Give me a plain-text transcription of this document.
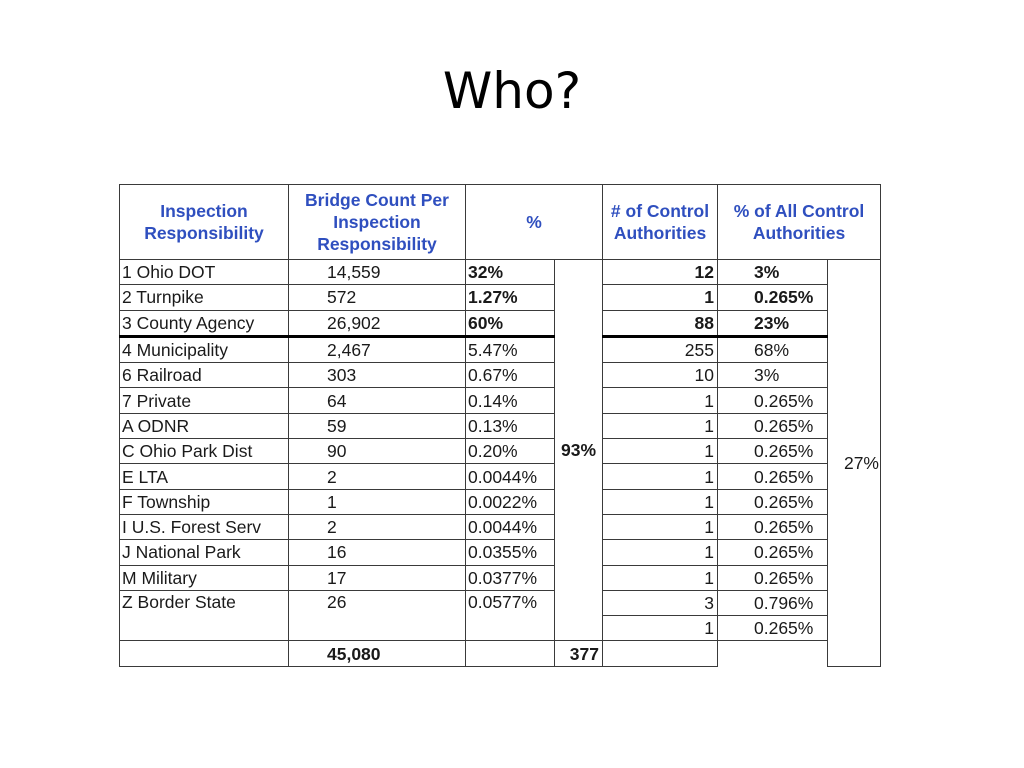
Who?
Inspection Responsibility	Bridge Count Per Inspection Responsibility	%		# of Control Authorities	% of All Control Authorities	
1 Ohio DOT	14,559	32%	93%	12	3%	27%
2 Turnpike	572	1.27%		1	0.265%	
3 County Agency	26,902	60%		88	23%	
4 Municipality	2,467	5.47%		255	68%	
6 Railroad	303	0.67%		10	3%	
7 Private	64	0.14%		1	0.265%	
A ODNR	59	0.13%		1	0.265%	
C Ohio Park Dist	90	0.20%		1	0.265%	
E LTA	2	0.0044%		1	0.265%	
F Township	1	0.0022%		1	0.265%	
I U.S. Forest Serv	2	0.0044%		1	0.265%	
J National Park	16	0.0355%		1	0.265%	
M Military	17	0.0377%		1	0.265%	
Z Border State	26	0.0577%		3	0.796%	
				1	0.265%	
	45,080		377			
